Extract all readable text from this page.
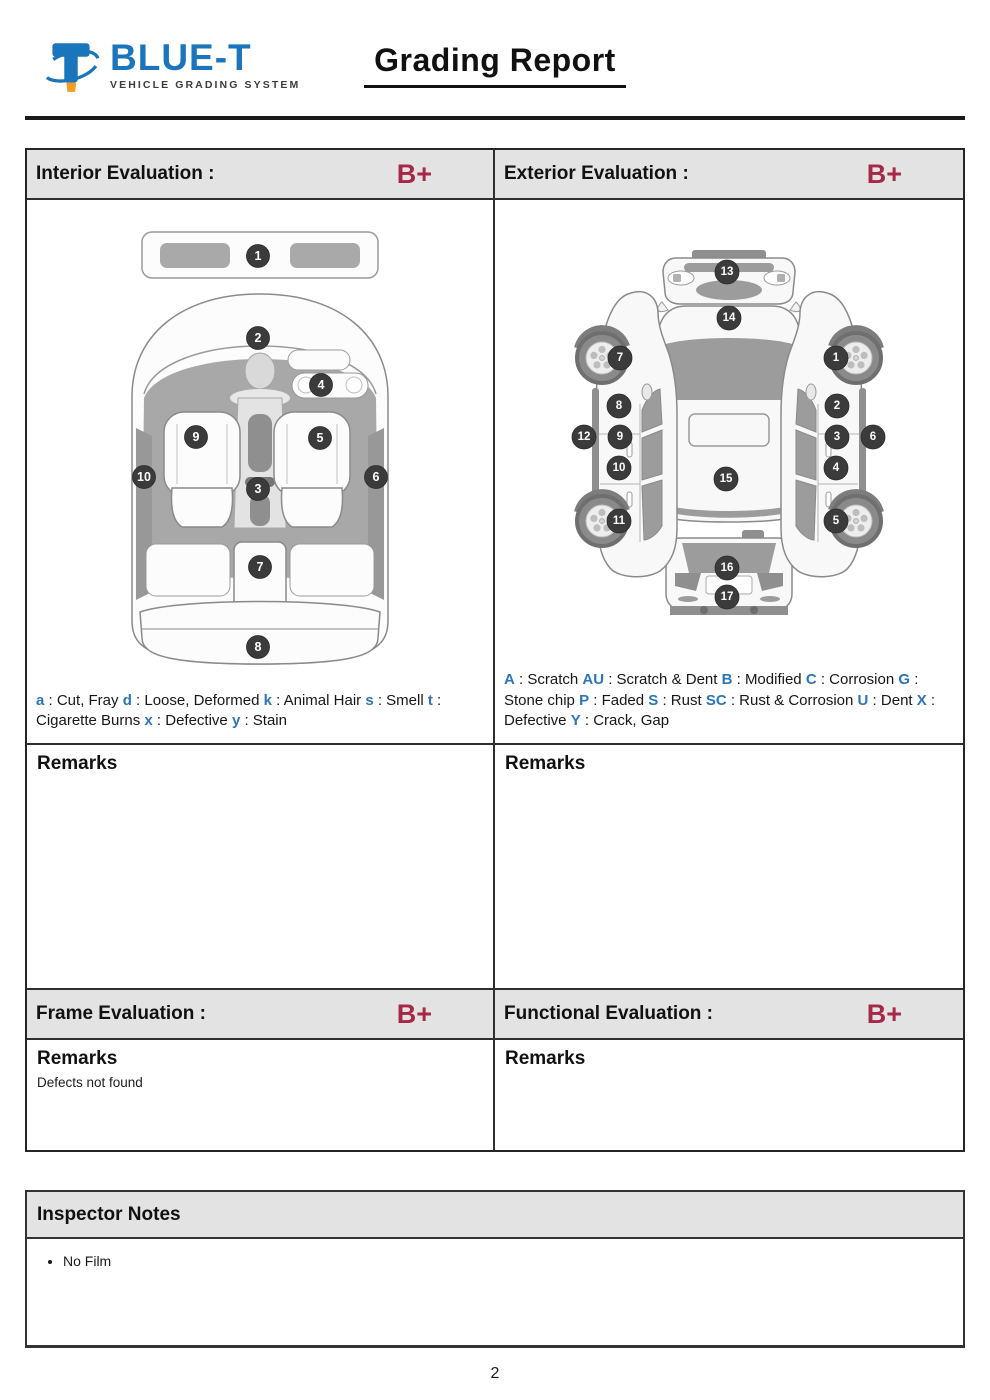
BLUE-T
VEHICLE GRADING SYSTEM
Grading Report
Interior Evaluation :	B+	Exterior Evaluation :	B+
1
2
4
9	5
10	6
3
7
8
a : Cut, Fray d : Loose, Deformed k : Animal Hair s : Smell t : Cigarette Burns x : Defective y : Stain
13
14
7	1
8	2
12 9	3	6
10	4
15
11	5
16
17
A : Scratch AU : Scratch & Dent B : Modified C : Corrosion G : Stone chip P : Faded S : Rust SC : Rust & Corrosion U : Dent X : Defective Y : Crack, Gap
Remarks	Remarks
Frame Evaluation :	B+	Functional Evaluation :	B+
Remarks
Defects not found
Remarks
Inspector Notes
• No Film
2
